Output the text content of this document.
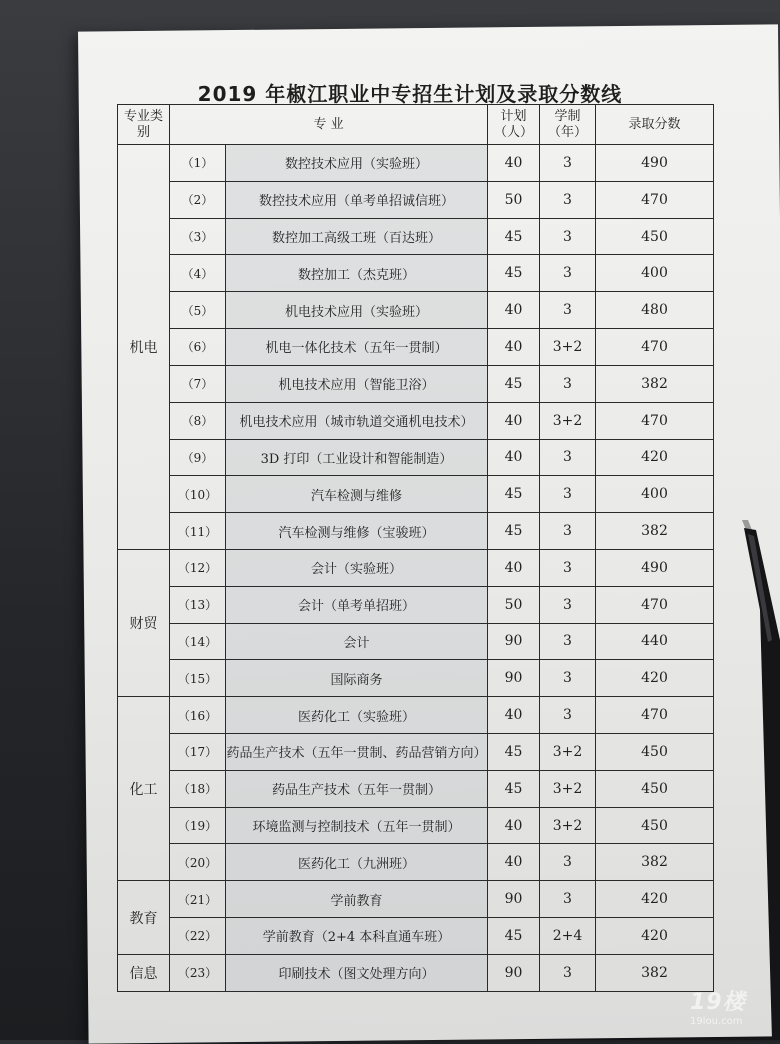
2019 年椒江职业中专招生计划及录取分数线
专业类别	专 业		计划（人）	学制（年）	录取分数
机电	（1）	数控技术应用（实验班）	40	3	490
	（2）	数控技术应用（单考单招诚信班）	50	3	470
	（3）	数控加工高级工班（百达班）	45	3	450
	（4）	数控加工（杰克班）	45	3	400
	（5）	机电技术应用（实验班）	40	3	480
	（6）	机电一体化技术（五年一贯制）	40	3+2	470
	（7）	机电技术应用（智能卫浴）	45	3	382
	（8）	机电技术应用（城市轨道交通机电技术）	40	3+2	470
	（9）	3D 打印（工业设计和智能制造）	40	3	420
	（10）	汽车检测与维修	45	3	400
	（11）	汽车检测与维修（宝骏班）	45	3	382
财贸	（12）	会计（实验班）	40	3	490
	（13）	会计（单考单招班）	50	3	470
	（14）	会计	90	3	440
	（15）	国际商务	90	3	420
化工	（16）	医药化工（实验班）	40	3	470
	（17）	药品生产技术（五年一贯制、药品营销方向）	45	3+2	450
	（18）	药品生产技术（五年一贯制）	45	3+2	450
	（19）	环境监测与控制技术（五年一贯制）	40	3+2	450
	（20）	医药化工（九洲班）	40	3	382
教育	（21）	学前教育	90	3	420
	（22）	学前教育（2+4 本科直通车班）	45	2+4	420
信息	（23）	印刷技术（图文处理方向）	90	3	382
19楼
19lou.com
